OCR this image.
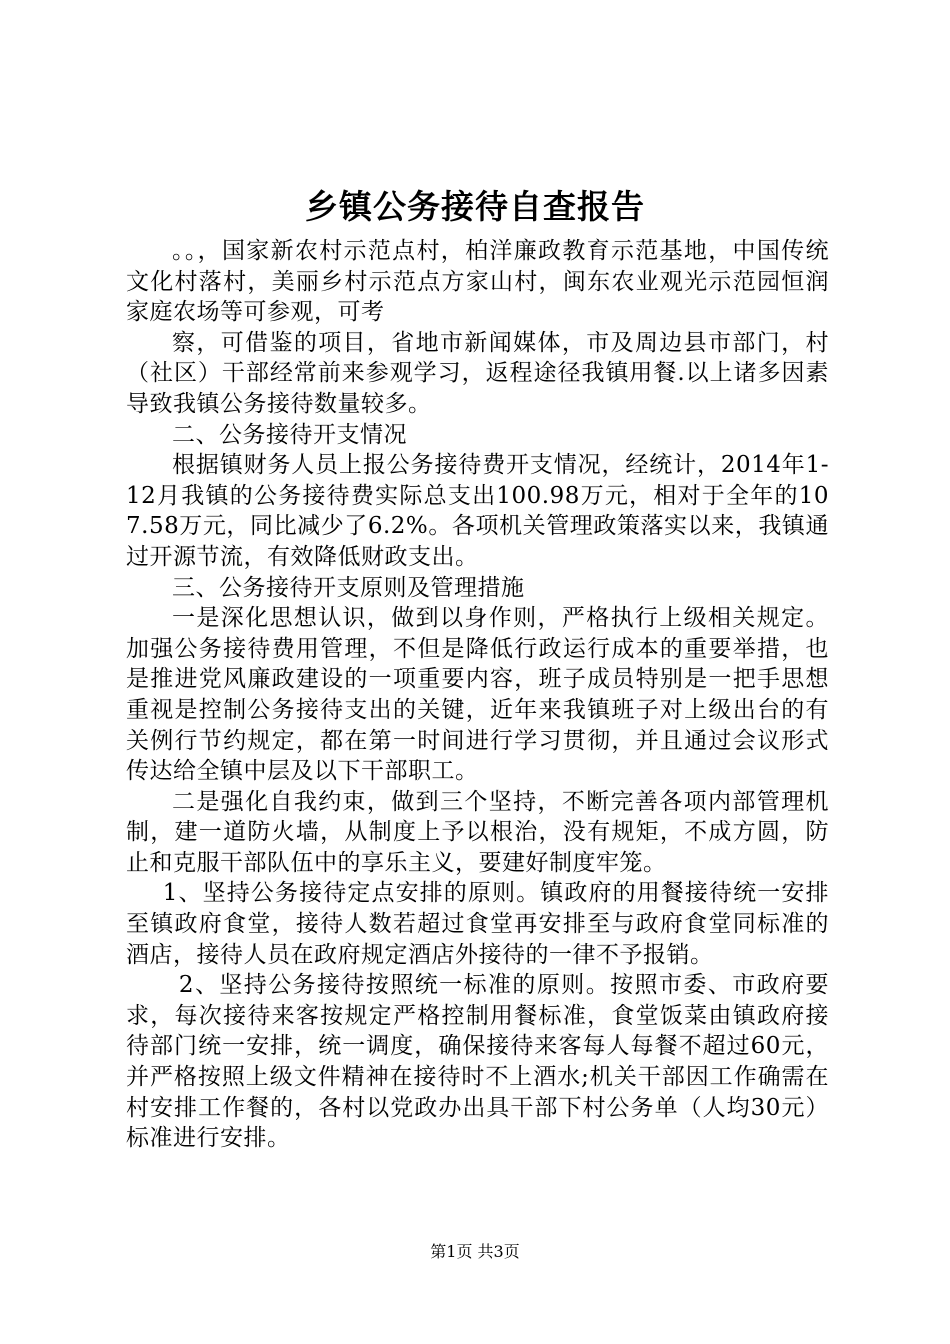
乡镇公务接待自查报告

。。，国家新农村示范点村，柏洋廉政教育示范基地，中国传统文化村落村，美丽乡村示范点方家山村，闽东农业观光示范园恒润家庭农场等可参观，可考

察，可借鉴的项目，省地市新闻媒体，市及周边县市部门，村（社区）干部经常前来参观学习，返程途径我镇用餐.以上诸多因素导致我镇公务接待数量较多。

二、公务接待开支情况

根据镇财务人员上报公务接待费开支情况，经统计，2014年1-12月我镇的公务接待费实际总支出100.98万元，相对于全年的107.58万元，同比减少了6.2%。各项机关管理政策落实以来，我镇通过开源节流，有效降低财政支出。

三、公务接待开支原则及管理措施

一是深化思想认识，做到以身作则，严格执行上级相关规定。加强公务接待费用管理，不但是降低行政运行成本的重要举措，也是推进党风廉政建设的一项重要内容，班子成员特别是一把手思想重视是控制公务接待支出的关键，近年来我镇班子对上级出台的有关例行节约规定，都在第一时间进行学习贯彻，并且通过会议形式传达给全镇中层及以下干部职工。

二是强化自我约束，做到三个坚持，不断完善各项内部管理机制，建一道防火墙，从制度上予以根治，没有规矩，不成方圆，防止和克服干部队伍中的享乐主义，要建好制度牢笼。

1、坚持公务接待定点安排的原则。镇政府的用餐接待统一安排至镇政府食堂，接待人数若超过食堂再安排至与政府食堂同标准的酒店，接待人员在政府规定酒店外接待的一律不予报销。

2、坚持公务接待按照统一标准的原则。按照市委、市政府要求，每次接待来客按规定严格控制用餐标准，食堂饭菜由镇政府接待部门统一安排，统一调度，确保接待来客每人每餐不超过60元，并严格按照上级文件精神在接待时不上酒水;机关干部因工作确需在村安排工作餐的，各村以党政办出具干部下村公务单（人均30元）标准进行安排。

第1页 共3页
